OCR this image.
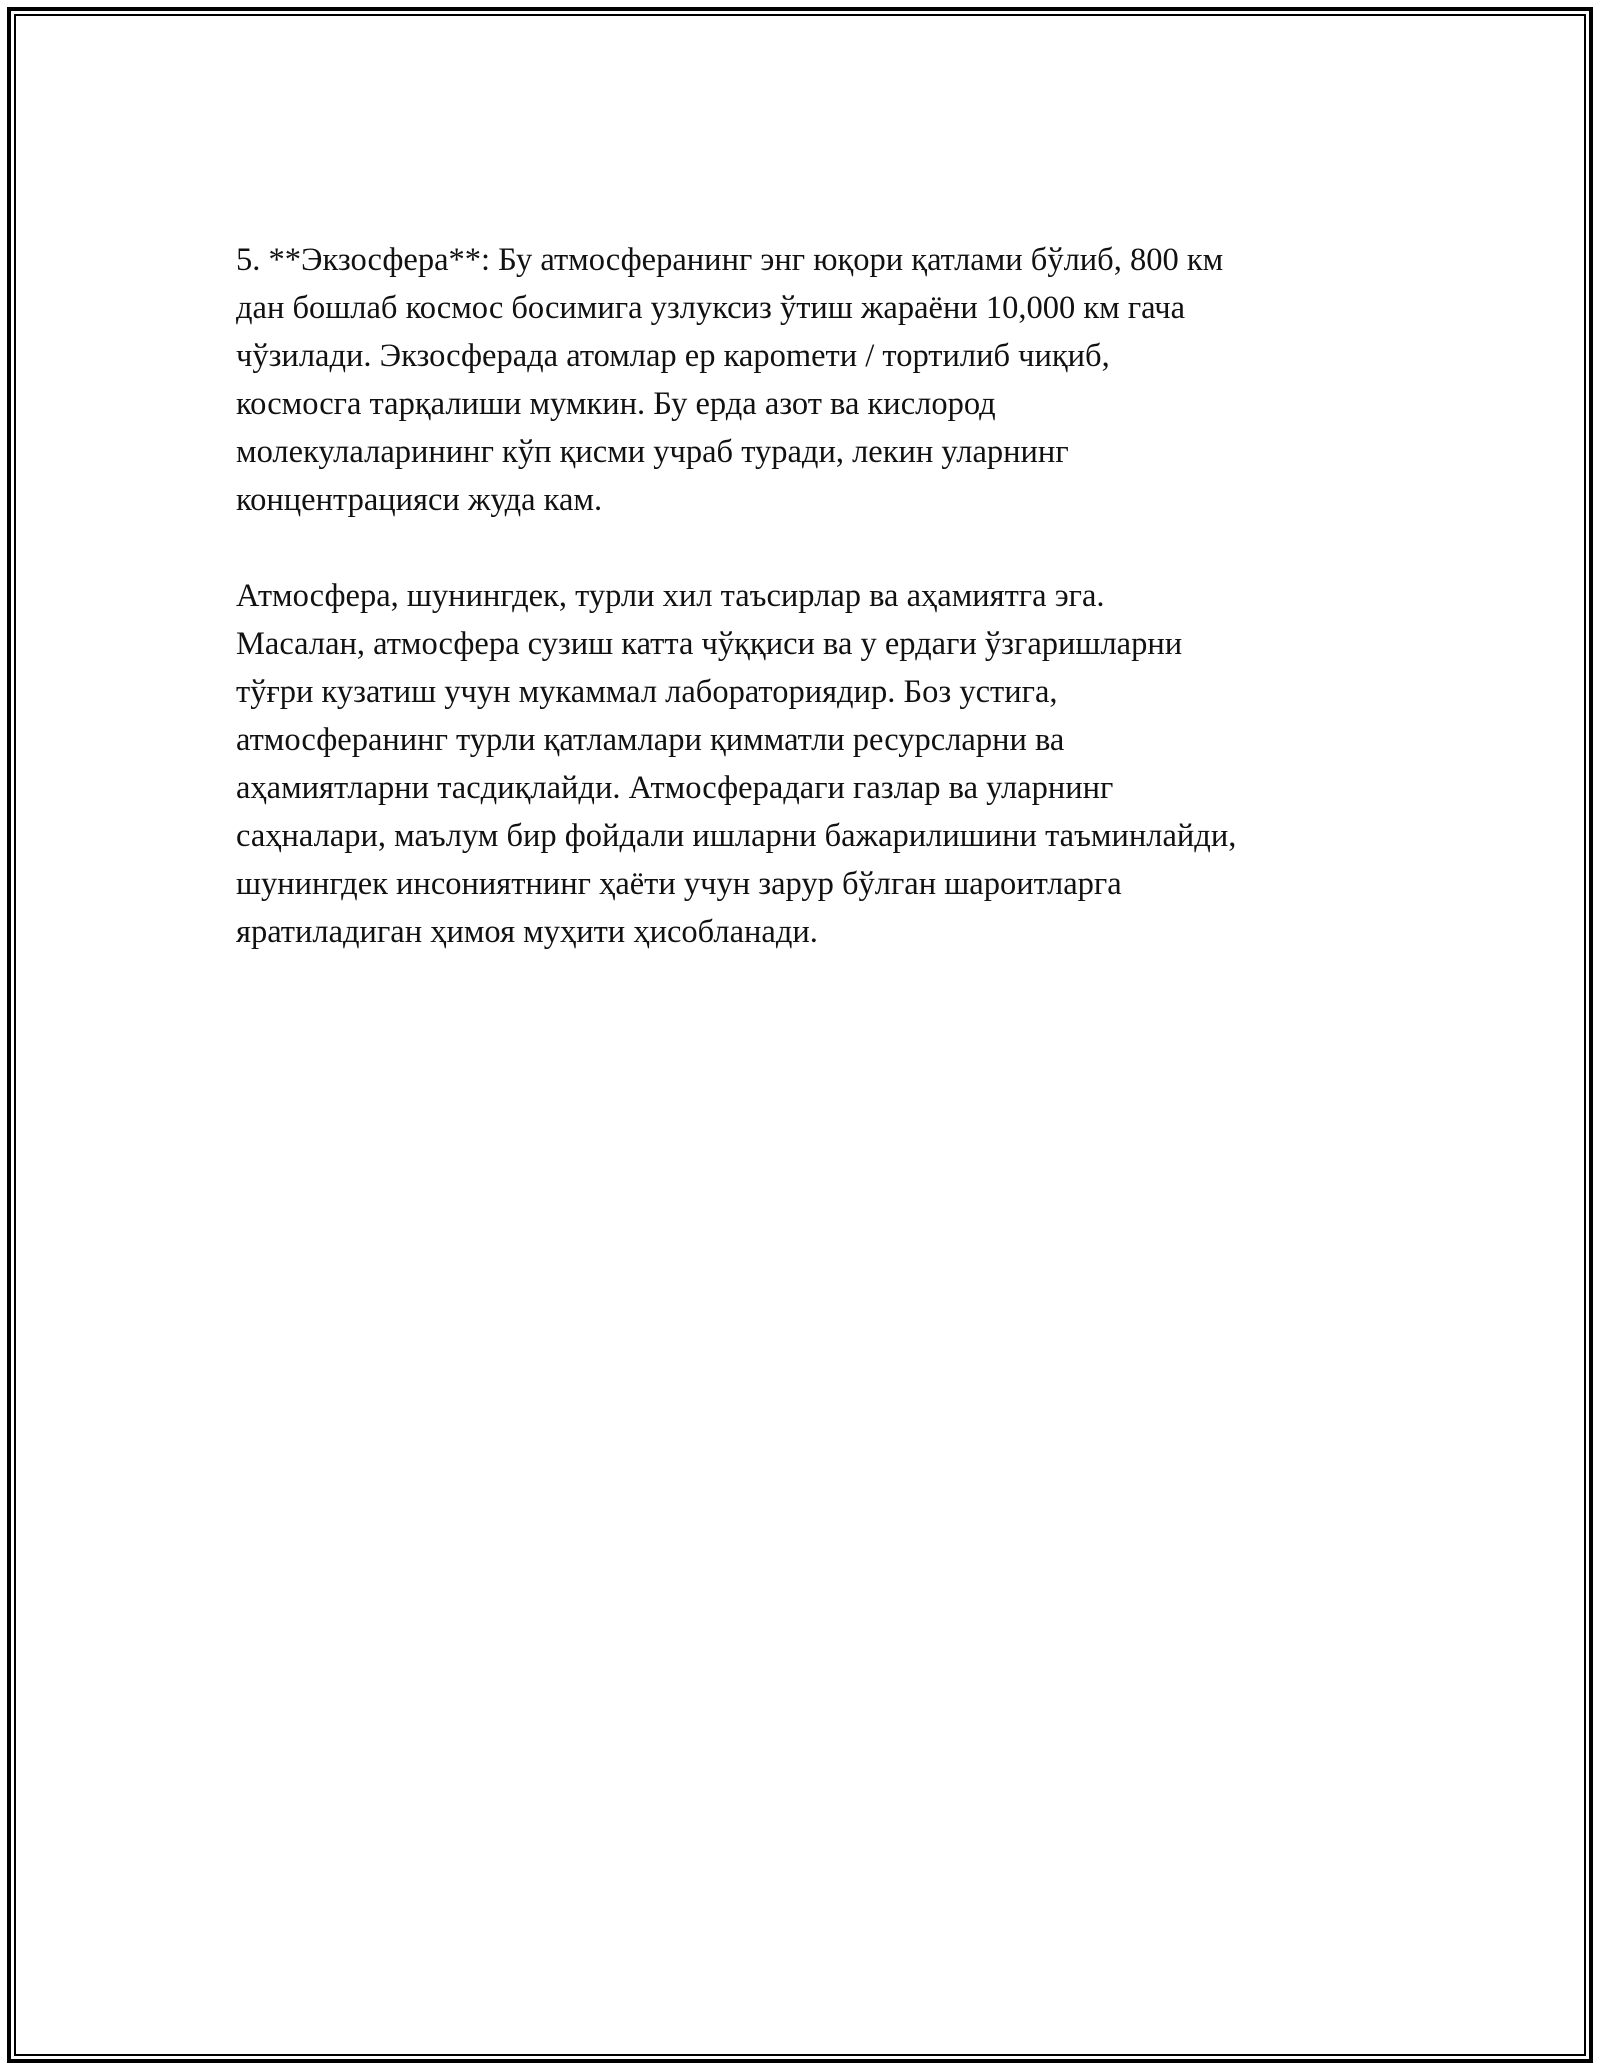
5. **Экзосфера**: Бу атмосферанинг энг юқори қатлами бўлиб, 800 км
дан бошлаб космос босимига узлуксиз ўтиш жараёни 10,000 км гача
чўзилади. Экзосферада атомлар ер кароmeти / тортилиб чиқиб,
космосга тарқалиши мумкин. Бу ерда азот ва кислород
молекулаларининг кўп қисми учраб туради, лекин уларнинг
концентрацияси жуда кам.
Атмосфера, шунингдек, турли хил таъсирлар ва аҳамиятга эга.
Масалан, атмосфера сузиш катта чўққиси ва у ердаги ўзгаришларни
тўғри кузатиш учун мукаммал лабораториядир. Боз устига,
атмосферанинг турли қатламлари қимматли ресурсларни ва
аҳамиятларни тасдиқлайди. Атмосферадаги газлар ва уларнинг
саҳналари, маълум бир фойдали ишларни бажарилишини таъминлайди,
шунингдек инсониятнинг ҳаёти учун зарур бўлган шароитларга
яратиладиган ҳимоя муҳити ҳисобланади.
